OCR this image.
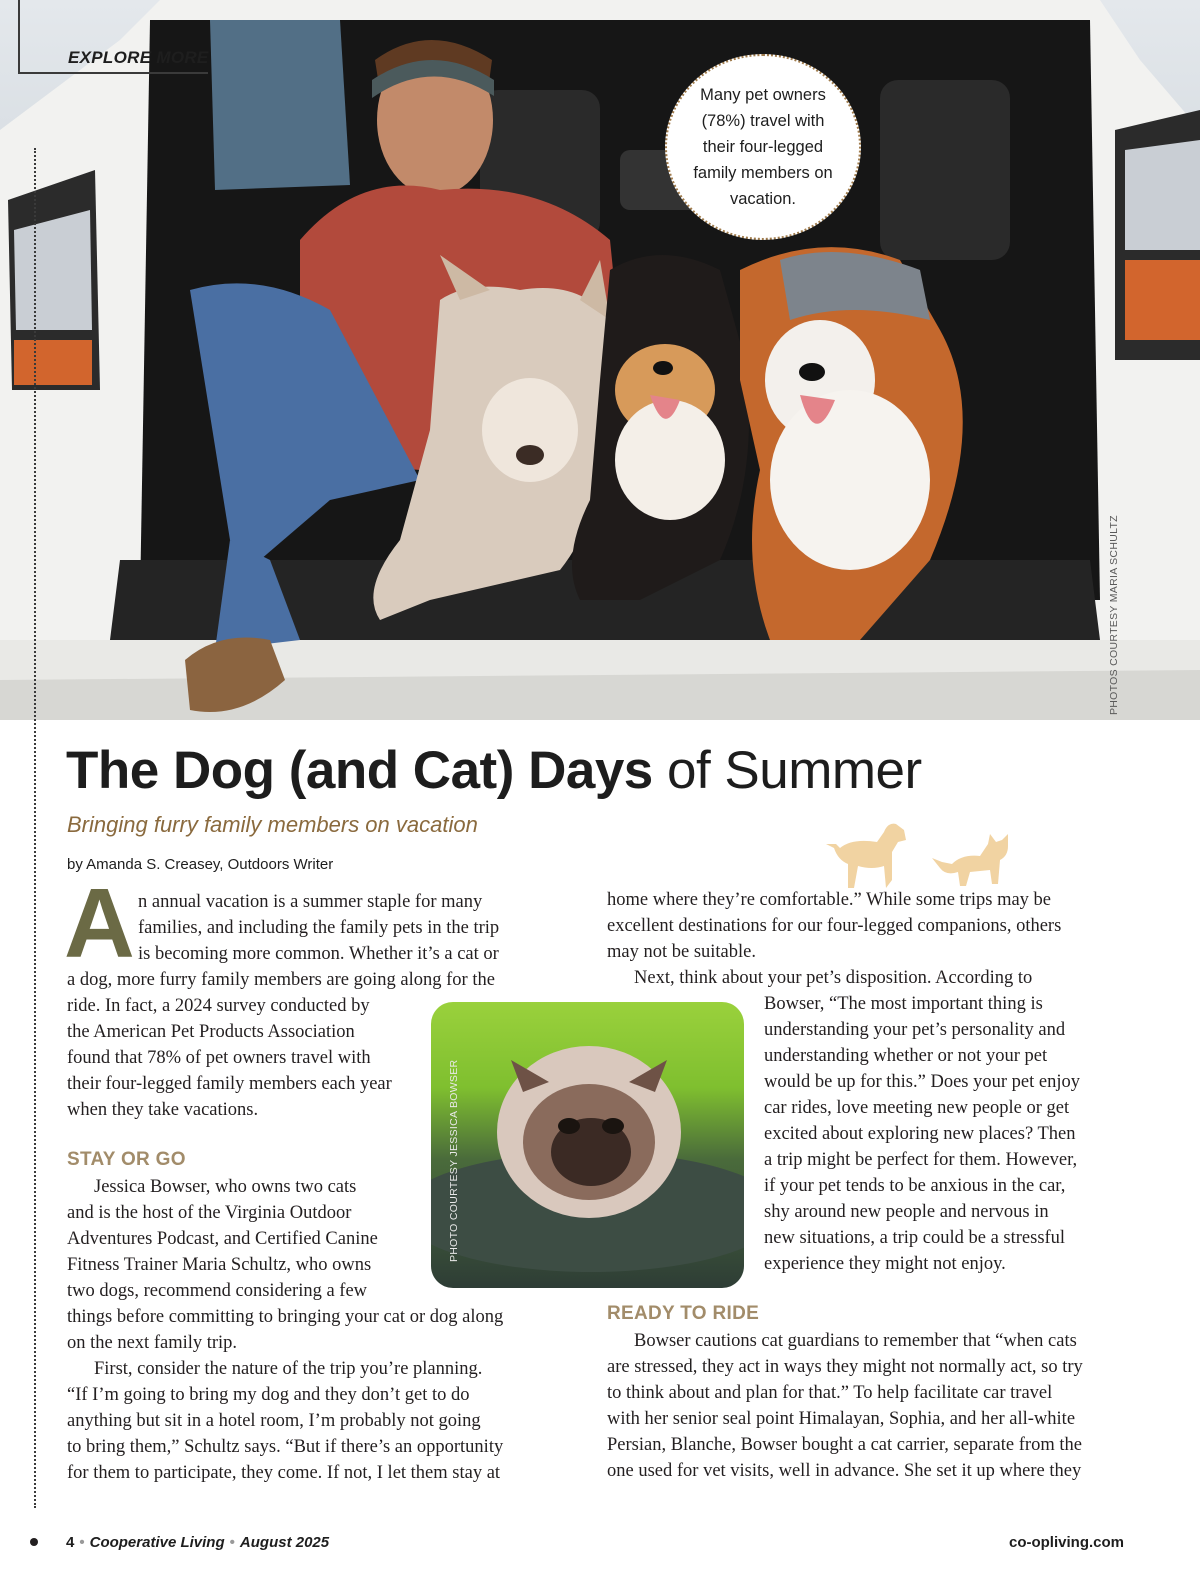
PHOTOS COURTESY MARIA SCHULTZ
EXPLORE MORE

Many pet owners (78%) travel with their four-legged family members on vacation.

The Dog (and Cat) Days of Summer
Bringing furry family members on vacation
by Amanda S. Creasey, Outdoors Writer
A n annual vacation is a summer staple for many
families, and including the family pets in the trip
is becoming more common. Whether it’s a cat or
a dog, more furry family members are going along for the
ride. In fact, a 2024 survey conducted by
the American Pet Products Association
found that 78% of pet owners travel with
their four-legged family members each year
when they take vacations.
STAY OR GO
Jessica Bowser, who owns two cats
and is the host of the Virginia Outdoor
Adventures Podcast, and Certified Canine
Fitness Trainer Maria Schultz, who owns
two dogs, recommend considering a few
things before committing to bringing your cat or dog along
on the next family trip.
First, consider the nature of the trip you’re planning.
“If I’m going to bring my dog and they don’t get to do
anything but sit in a hotel room, I’m probably not going
to bring them,” Schultz says. “But if there’s an opportunity
for them to participate, they come. If not, I let them stay at
PHOTO COURTESY JESSICA BOWSER
home where they’re comfortable.” While some trips may be
excellent destinations for our four-legged companions, others
may not be suitable.
Next, think about your pet’s disposition. According to
Bowser, “The most important thing is
understanding your pet’s personality and
understanding whether or not your pet
would be up for this.” Does your pet enjoy
car rides, love meeting new people or get
excited about exploring new places? Then
a trip might be perfect for them. However,
if your pet tends to be anxious in the car,
shy around new people and nervous in
new situations, a trip could be a stressful
experience they might not enjoy.
READY TO RIDE
Bowser cautions cat guardians to remember that “when cats
are stressed, they act in ways they might not normally act, so try
to think about and plan for that.” To help facilitate car travel
with her senior seal point Himalayan, Sophia, and her all-white
Persian, Blanche, Bowser bought a cat carrier, separate from the
one used for vet visits, well in advance. She set it up where they
4 • Cooperative Living • August 2025	co-opliving.com
